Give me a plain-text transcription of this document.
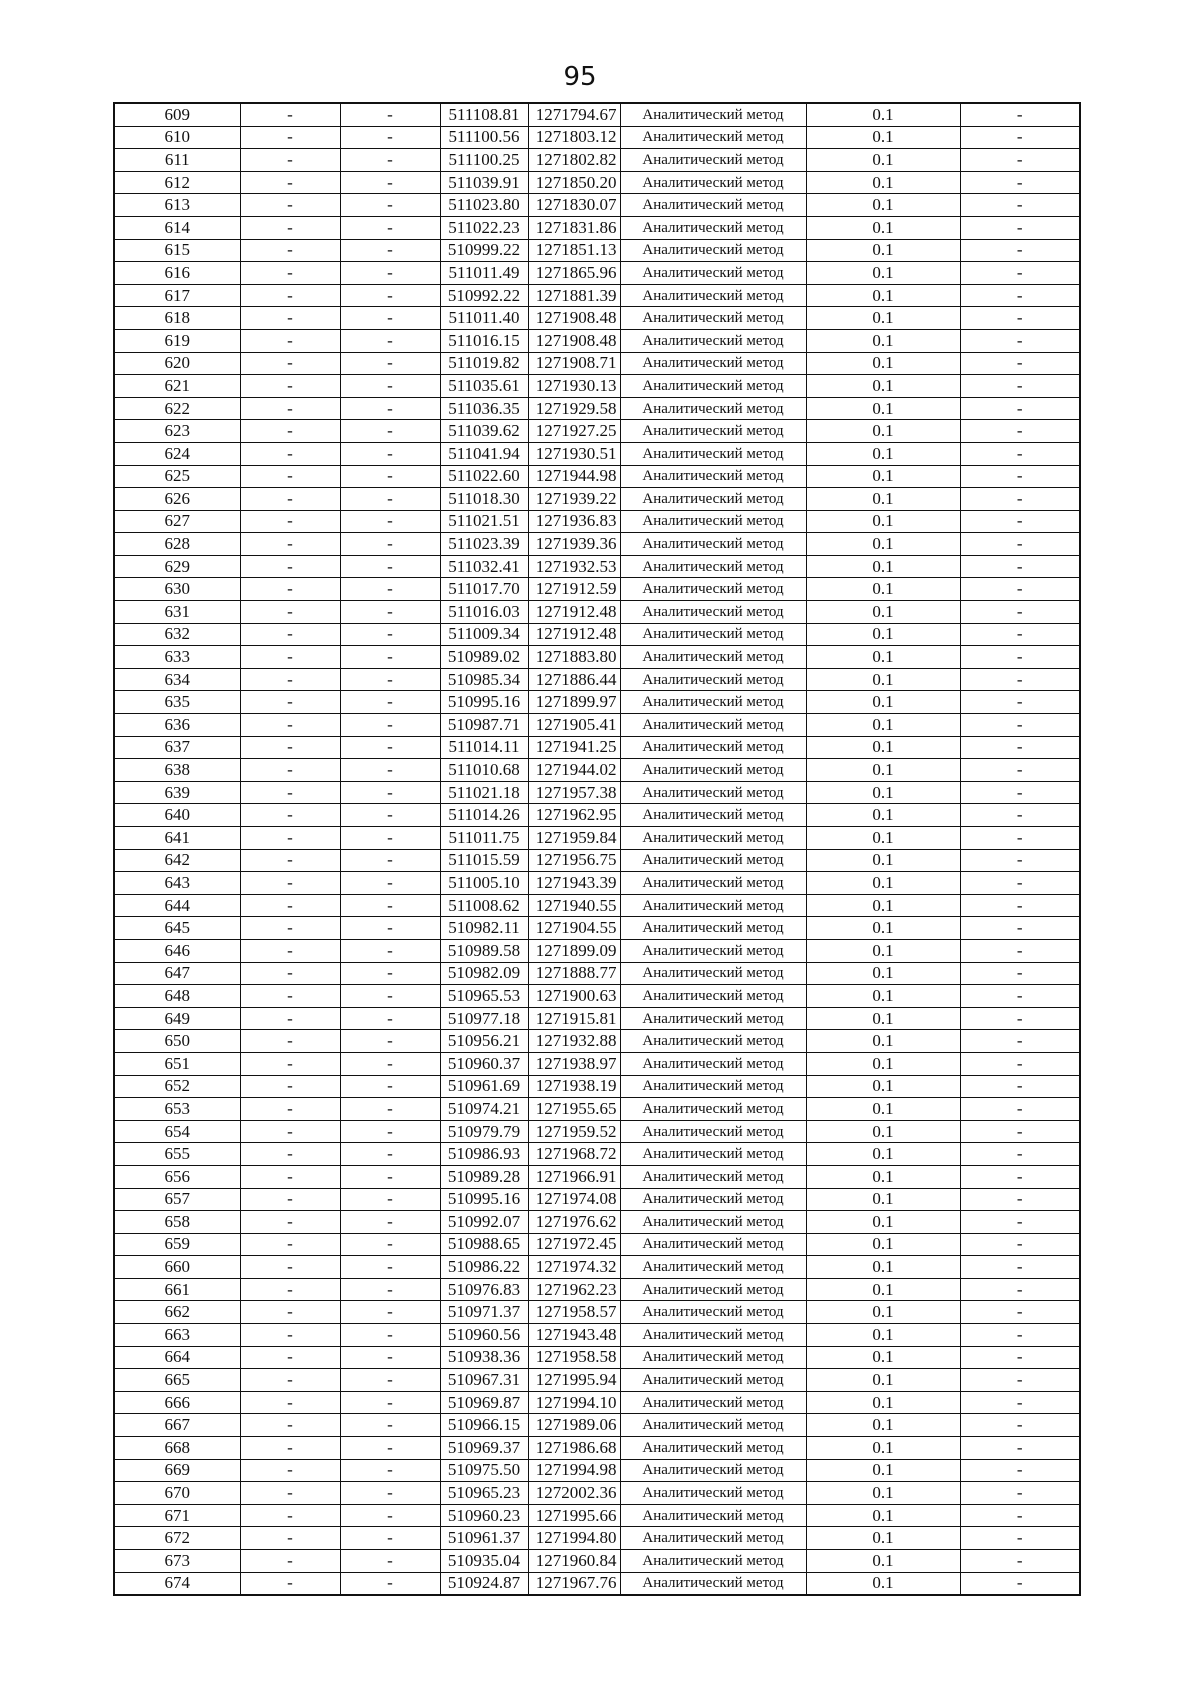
95
609	-	-	511108.81	1271794.67	Аналитический метод	0.1	-
610	-	-	511100.56	1271803.12	Аналитический метод	0.1	-
611	-	-	511100.25	1271802.82	Аналитический метод	0.1	-
612	-	-	511039.91	1271850.20	Аналитический метод	0.1	-
613	-	-	511023.80	1271830.07	Аналитический метод	0.1	-
614	-	-	511022.23	1271831.86	Аналитический метод	0.1	-
615	-	-	510999.22	1271851.13	Аналитический метод	0.1	-
616	-	-	511011.49	1271865.96	Аналитический метод	0.1	-
617	-	-	510992.22	1271881.39	Аналитический метод	0.1	-
618	-	-	511011.40	1271908.48	Аналитический метод	0.1	-
619	-	-	511016.15	1271908.48	Аналитический метод	0.1	-
620	-	-	511019.82	1271908.71	Аналитический метод	0.1	-
621	-	-	511035.61	1271930.13	Аналитический метод	0.1	-
622	-	-	511036.35	1271929.58	Аналитический метод	0.1	-
623	-	-	511039.62	1271927.25	Аналитический метод	0.1	-
624	-	-	511041.94	1271930.51	Аналитический метод	0.1	-
625	-	-	511022.60	1271944.98	Аналитический метод	0.1	-
626	-	-	511018.30	1271939.22	Аналитический метод	0.1	-
627	-	-	511021.51	1271936.83	Аналитический метод	0.1	-
628	-	-	511023.39	1271939.36	Аналитический метод	0.1	-
629	-	-	511032.41	1271932.53	Аналитический метод	0.1	-
630	-	-	511017.70	1271912.59	Аналитический метод	0.1	-
631	-	-	511016.03	1271912.48	Аналитический метод	0.1	-
632	-	-	511009.34	1271912.48	Аналитический метод	0.1	-
633	-	-	510989.02	1271883.80	Аналитический метод	0.1	-
634	-	-	510985.34	1271886.44	Аналитический метод	0.1	-
635	-	-	510995.16	1271899.97	Аналитический метод	0.1	-
636	-	-	510987.71	1271905.41	Аналитический метод	0.1	-
637	-	-	511014.11	1271941.25	Аналитический метод	0.1	-
638	-	-	511010.68	1271944.02	Аналитический метод	0.1	-
639	-	-	511021.18	1271957.38	Аналитический метод	0.1	-
640	-	-	511014.26	1271962.95	Аналитический метод	0.1	-
641	-	-	511011.75	1271959.84	Аналитический метод	0.1	-
642	-	-	511015.59	1271956.75	Аналитический метод	0.1	-
643	-	-	511005.10	1271943.39	Аналитический метод	0.1	-
644	-	-	511008.62	1271940.55	Аналитический метод	0.1	-
645	-	-	510982.11	1271904.55	Аналитический метод	0.1	-
646	-	-	510989.58	1271899.09	Аналитический метод	0.1	-
647	-	-	510982.09	1271888.77	Аналитический метод	0.1	-
648	-	-	510965.53	1271900.63	Аналитический метод	0.1	-
649	-	-	510977.18	1271915.81	Аналитический метод	0.1	-
650	-	-	510956.21	1271932.88	Аналитический метод	0.1	-
651	-	-	510960.37	1271938.97	Аналитический метод	0.1	-
652	-	-	510961.69	1271938.19	Аналитический метод	0.1	-
653	-	-	510974.21	1271955.65	Аналитический метод	0.1	-
654	-	-	510979.79	1271959.52	Аналитический метод	0.1	-
655	-	-	510986.93	1271968.72	Аналитический метод	0.1	-
656	-	-	510989.28	1271966.91	Аналитический метод	0.1	-
657	-	-	510995.16	1271974.08	Аналитический метод	0.1	-
658	-	-	510992.07	1271976.62	Аналитический метод	0.1	-
659	-	-	510988.65	1271972.45	Аналитический метод	0.1	-
660	-	-	510986.22	1271974.32	Аналитический метод	0.1	-
661	-	-	510976.83	1271962.23	Аналитический метод	0.1	-
662	-	-	510971.37	1271958.57	Аналитический метод	0.1	-
663	-	-	510960.56	1271943.48	Аналитический метод	0.1	-
664	-	-	510938.36	1271958.58	Аналитический метод	0.1	-
665	-	-	510967.31	1271995.94	Аналитический метод	0.1	-
666	-	-	510969.87	1271994.10	Аналитический метод	0.1	-
667	-	-	510966.15	1271989.06	Аналитический метод	0.1	-
668	-	-	510969.37	1271986.68	Аналитический метод	0.1	-
669	-	-	510975.50	1271994.98	Аналитический метод	0.1	-
670	-	-	510965.23	1272002.36	Аналитический метод	0.1	-
671	-	-	510960.23	1271995.66	Аналитический метод	0.1	-
672	-	-	510961.37	1271994.80	Аналитический метод	0.1	-
673	-	-	510935.04	1271960.84	Аналитический метод	0.1	-
674	-	-	510924.87	1271967.76	Аналитический метод	0.1	-
